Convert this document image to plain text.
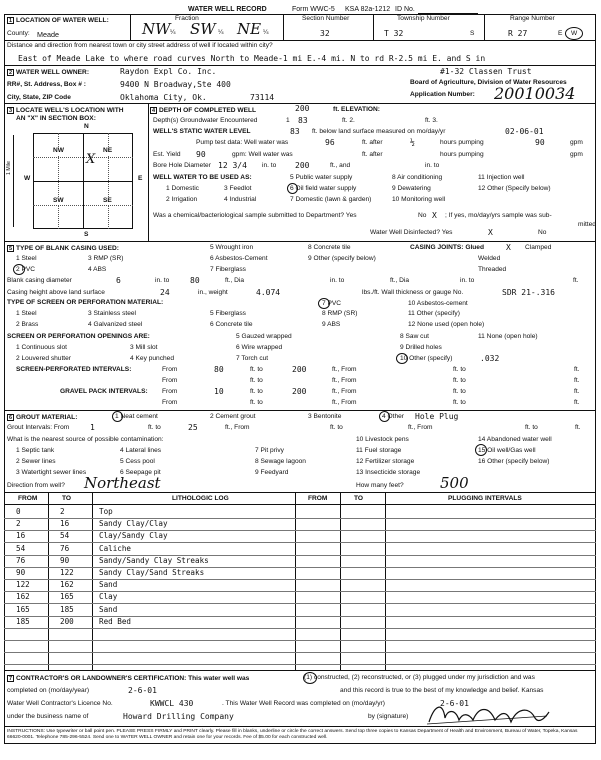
WATER WELL RECORD	Form WWC-5 KSA 82a-1212 ID No.
1 LOCATION OF WATER WELL:	Fraction
County: Meade	NW ¼ SW ¼ NE ¼
Section Number
32
Township Number
T 32	S
Range Number
R 27	E W
Distance and direction from nearest town or city street address of well if located within city?
East of Meade Lake to where road curves North to Meade-1 mi E.-4 mi. N to rd R-2.5 mi E. and S in
2 WATER WELL OWNER:	Raydon Expl Co. Inc.
RR#, St. Address, Box # :	9400 N Broadway,Ste 400
City, State, ZIP Code	Oklahoma City, Ok.	73114
#1-32 Classen Trust
Board of Agriculture, Division of Water Resources
Application Number: 20010034
3 LOCATE WELL'S LOCATION WITH
AN "X" IN SECTION BOX:
N
S
E
W
1 Mile
NW	NE
SW	SE
X
4 DEPTH OF COMPLETED WELL	200	ft. ELEVATION:
Depth(s) Groundwater Encountered	1 83	ft. 2.	ft. 3.
WELL'S STATIC WATER LEVEL	83 ft. below land surface measured on mo/day/yr	02-06-01
Pump test data: Well water was	96	ft. after	½	hours pumping	90	gpm
Est. Yield 90	gpm: Well water was	ft. after	hours pumping	gpm
Bore Hole Diameter 12 3/4 in. to 200	ft., and	in. to
WELL WATER TO BE USED AS:	5 Public water supply	8 Air conditioning	11 Injection well
1 Domestic	3 Feedlot	6 Oil field water supply	9 Dewatering	12 Other (Specify below)
2 Irrigation	4 Industrial	7 Domestic (lawn & garden)	10 Monitoring well
Was a chemical/bacteriological sample submitted to Department? Yes	No X ; If yes, mo/day/yrs sample was sub-
mitted
Water Well Disinfected? Yes	X	No
5 TYPE OF BLANK CASING USED:
1 Steel	3 RMP (SR)
2 PVC	4 ABS
5 Wrought iron
6 Asbestos-Cement
7 Fiberglass
8 Concrete tile
9 Other (specify below)
CASING JOINTS: Glued	X Clamped
Welded
Threaded
Blank casing diameter	6	in. to	80	ft., Dia	in. to	ft., Dia	in. to	ft.
Casing height above land surface	24	in., weight	4.074	lbs./ft. Wall thickness or gauge No.	SDR 21-.316
TYPE OF SCREEN OR PERFORATION MATERIAL:
1 Steel	3 Stainless steel	5 Fiberglass
7 PVC	10 Asbestos-cement
2 Brass	4 Galvanized steel	6 Concrete tile
8 RMP (SR)	11 Other (specify)
9 ABS	12 None used (open hole)
SCREEN OR PERFORATION OPENINGS ARE:	5 Gauzed wrapped	8 Saw cut	11 None (open hole)
1 Continuous slot	3 Mill slot	6 Wire wrapped	9 Drilled holes
2 Louvered shutter	4 Key punched	7 Torch cut	10 Other (specify)	.032
SCREEN-PERFORATED INTERVALS:	From	80	ft. to	200	ft., From	ft. to	ft.
From	ft. to	ft., From	ft. to	ft.
GRAVEL PACK INTERVALS: From	10	ft. to	200	ft., From	ft. to	ft.
From	ft. to	ft., From	ft. to	ft.
6 GROUT MATERIAL:	1 Neat cement	2 Cement grout	3 Bentonite	4 Other Hole Plug
Grout Intervals: From	1	ft. to	25	ft., From	ft. to	ft., From	ft. to	ft.
What is the nearest source of possible contamination:	10 Livestock pens	14 Abandoned water well
1 Septic tank	4 Lateral lines	7 Pit privy	11 Fuel storage	15 Oil well/Gas well
2 Sewer lines	5 Cess pool	8 Sewage lagoon	12 Fertilizer storage	16 Other (specify below)
3 Watertight sewer lines	6 Seepage pit	9 Feedyard	13 Insecticide storage
Direction from well? Northeast	How many feet? 500
FROM	TO	LITHOLOGIC LOG	FROM	TO	PLUGGING INTERVALS
0	2	Top
2	16	Sandy Clay/Clay
16	54	Clay/Sandy Clay
54	76	Caliche
76	90	Sandy/Sandy Clay Streaks
90	122	Sandy Clay/Sand Streaks
122	162	Sand
162	165	Clay
165	185	Sand
185	200	Red Bed
7 CONTRACTOR'S OR LANDOWNER'S CERTIFICATION: This water well was	(1) constructed, (2) reconstructed, or (3) plugged under my jurisdiction and was
completed on (mo/day/year)	2-6-01	and this record is true to the best of my knowledge and belief. Kansas
Water Well Contractor's Licence No.	KWWCL 430	. This Water Well Record was completed on (mo/day/yr)	2-6-01
under the business name of	Howard Drilling Company	by (signature)
INSTRUCTIONS: Use typewriter or ball point pen. PLEASE PRESS FIRMLY and PRINT clearly. Please fill in blanks, underline or circle the correct answers. Send top three copies to Kansas Department of Health and Environment, Bureau of Water, Topeka, Kansas 66620-0001. Telephone 785-296-5524. Send one to WATER WELL OWNER and retain one for your records. Fee of $5.00 for each constructed well.
